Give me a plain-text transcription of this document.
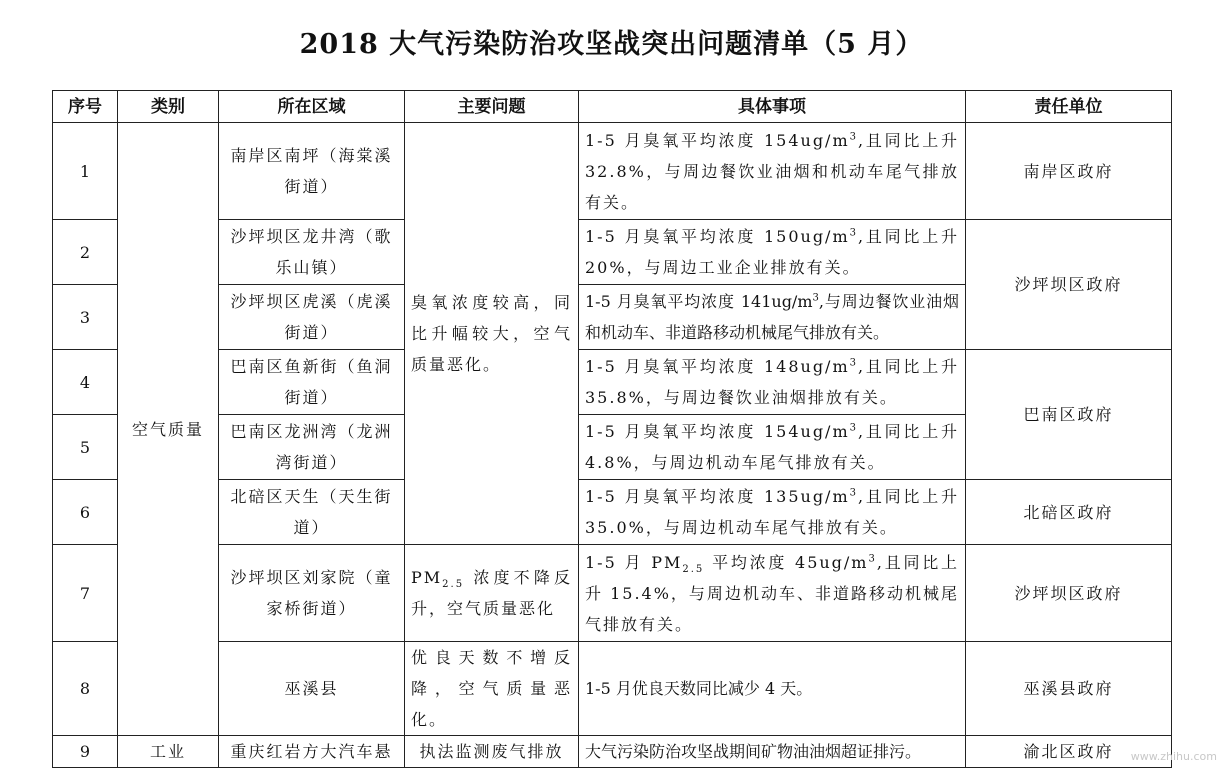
2018 大气污染防治攻坚战突出问题清单（5 月）
序号	类别	所在区域	主要问题	具体事项	责任单位
1	空气质量	南岸区南坪（海棠溪街道）	臭氧浓度较高，同比升幅较大，空气质量恶化。	1-5 月臭氧平均浓度 $154ug/m^3$,且同比上升 32.8%，与周边餐饮业油烟和机动车尾气排放有关。	南岸区政府
2		沙坪坝区龙井湾（歌乐山镇）		1-5 月臭氧平均浓度 $150ug/m^3$,且同比上升 20%，与周边工业企业排放有关。	沙坪坝区政府
3		沙坪坝区虎溪（虎溪街道）		1-5 月臭氧平均浓度 $141ug/m^3$,与周边餐饮业油烟和机动车、非道路移动机械尾气排放有关。	
4		巴南区鱼新街（鱼洞街道）		1-5 月臭氧平均浓度 $148ug/m^3$,且同比上升 35.8%，与周边餐饮业油烟排放有关。	巴南区政府
5		巴南区龙洲湾（龙洲湾街道）		1-5 月臭氧平均浓度 $154ug/m^3$,且同比上升 4.8%，与周边机动车尾气排放有关。	
6		北碚区天生（天生街道）		1-5 月臭氧平均浓度 $135ug/m^3$,且同比上升 35.0%，与周边机动车尾气排放有关。	北碚区政府
7		沙坪坝区刘家院（童家桥街道）	$PM_{2.5}$ 浓度不降反升，空气质量恶化	1-5 月 $PM_{2.5}$ 平均浓度 $45ug/m^3$,且同比上升 15.4%，与周边机动车、非道路移动机械尾气排放有关。	沙坪坝区政府
8		巫溪县	优良天数不增反降，空气质量恶化。	1-5 月优良天数同比减少 4 天。	巫溪县政府
9	工业	重庆红岩方大汽车悬	执法监测废气排放	大气污染防治攻坚战期间矿物油油烟超证排污。	渝北区政府 www.zhihu.com
